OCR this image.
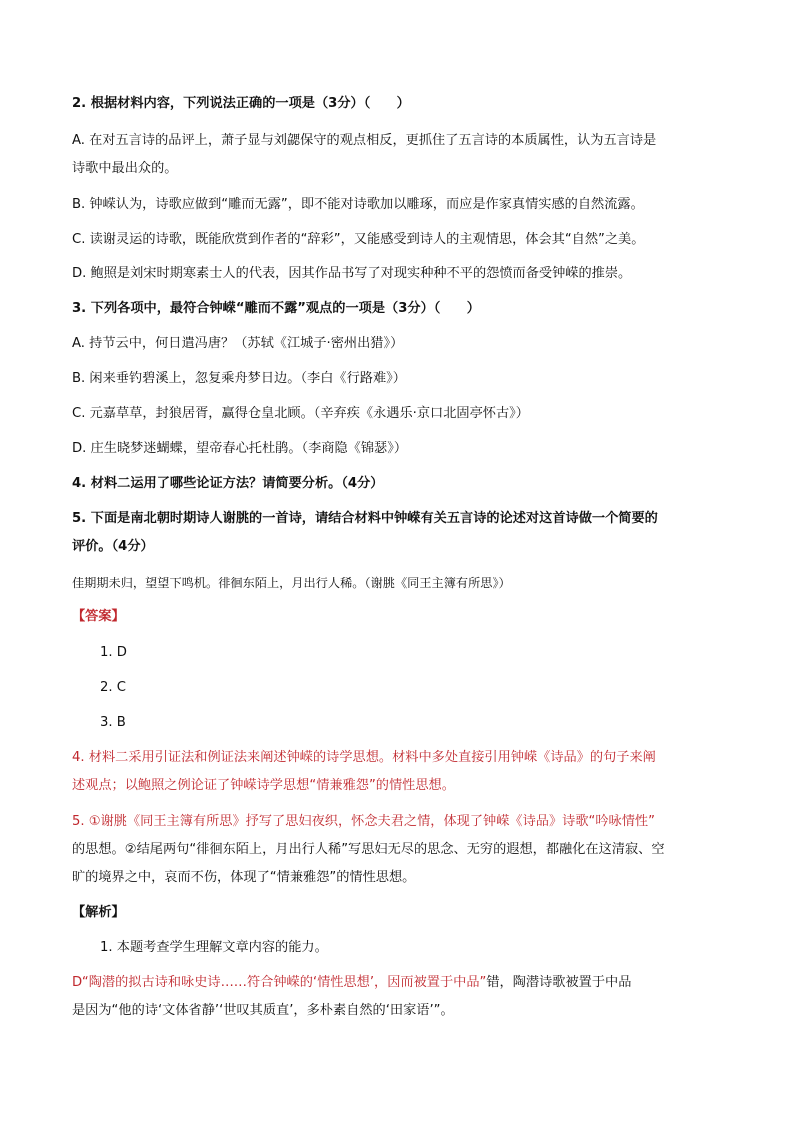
2. 根据材料内容，下列说法正确的一项是（3分）（　　）
A. 在对五言诗的品评上，萧子显与刘勰保守的观点相反，更抓住了五言诗的本质属性，认为五言诗是
诗歌中最出众的。
B. 钟嵘认为，诗歌应做到“雕而无露”，即不能对诗歌加以雕琢，而应是作家真情实感的自然流露。
C. 读谢灵运的诗歌，既能欣赏到作者的“辞彩”，又能感受到诗人的主观情思，体会其“自然”之美。
D. 鲍照是刘宋时期寒素士人的代表，因其作品书写了对现实种种不平的怨愤而备受钟嵘的推崇。
3. 下列各项中，最符合钟嵘“雕而不露”观点的一项是（3分）（　　）
A. 持节云中，何日遣冯唐？（苏轼《江城子·密州出猎》）
B. 闲来垂钓碧溪上，忽复乘舟梦日边。（李白《行路难》）
C. 元嘉草草，封狼居胥，赢得仓皇北顾。（辛弃疾《永遇乐·京口北固亭怀古》）
D. 庄生晓梦迷蝴蝶，望帝春心托杜鹃。（李商隐《锦瑟》）
4. 材料二运用了哪些论证方法？请简要分析。（4分）
5. 下面是南北朝时期诗人谢朓的一首诗，请结合材料中钟嵘有关五言诗的论述对这首诗做一个简要的
评价。（4分）
佳期期未归，望望下鸣机。徘徊东陌上，月出行人稀。（谢朓《同王主簿有所思》）
【答案】
1. D
2. C
3. B
4. 材料二采用引证法和例证法来阐述钟嵘的诗学思想。材料中多处直接引用钟嵘《诗品》的句子来阐
述观点；以鲍照之例论证了钟嵘诗学思想“情兼雅怨”的情性思想。
5. ①谢朓《同王主簿有所思》抒写了思妇夜织，怀念夫君之情，体现了钟嵘《诗品》诗歌“吟咏情性”
的思想。②结尾两句“徘徊东陌上，月出行人稀”写思妇无尽的思念、无穷的遐想，都融化在这清寂、空
旷的境界之中，哀而不伤，体现了“情兼雅怨”的情性思想。
【解析】
1. 本题考查学生理解文章内容的能力。
D“陶潜的拟古诗和咏史诗……符合钟嵘的‘情性思想’，因而被置于中品”错，陶潜诗歌被置于中品
是因为“他的诗‘文体省静’‘世叹其质直’，多朴素自然的‘田家语’”。
